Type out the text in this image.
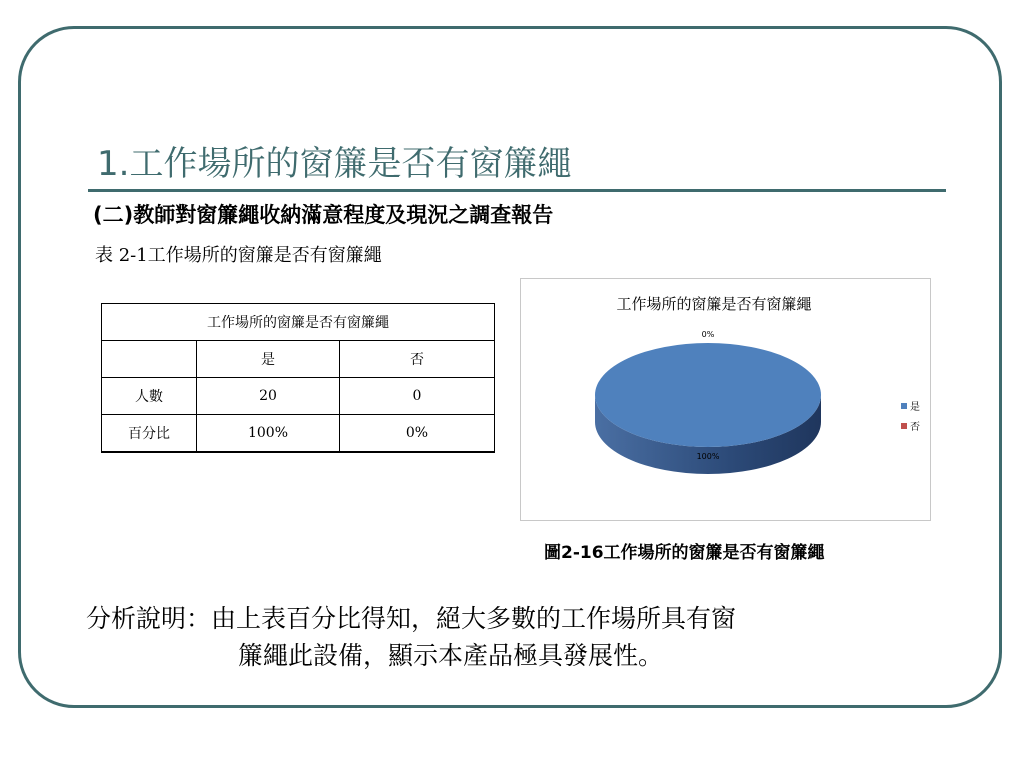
1.工作場所的窗簾是否有窗簾繩
(二)教師對窗簾繩收納滿意程度及現況之調查報告
表 2-1工作場所的窗簾是否有窗簾繩
工作場所的窗簾是否有窗簾繩		
	是	否
人數	20	0
百分比	100%	0%
工作場所的窗簾是否有窗簾繩
100%
0%
是
否
圖2-16工作場所的窗簾是否有窗簾繩
分析說明：由上表百分比得知，絕大多數的工作場所具有窗
簾繩此設備，顯示本產品極具發展性。
